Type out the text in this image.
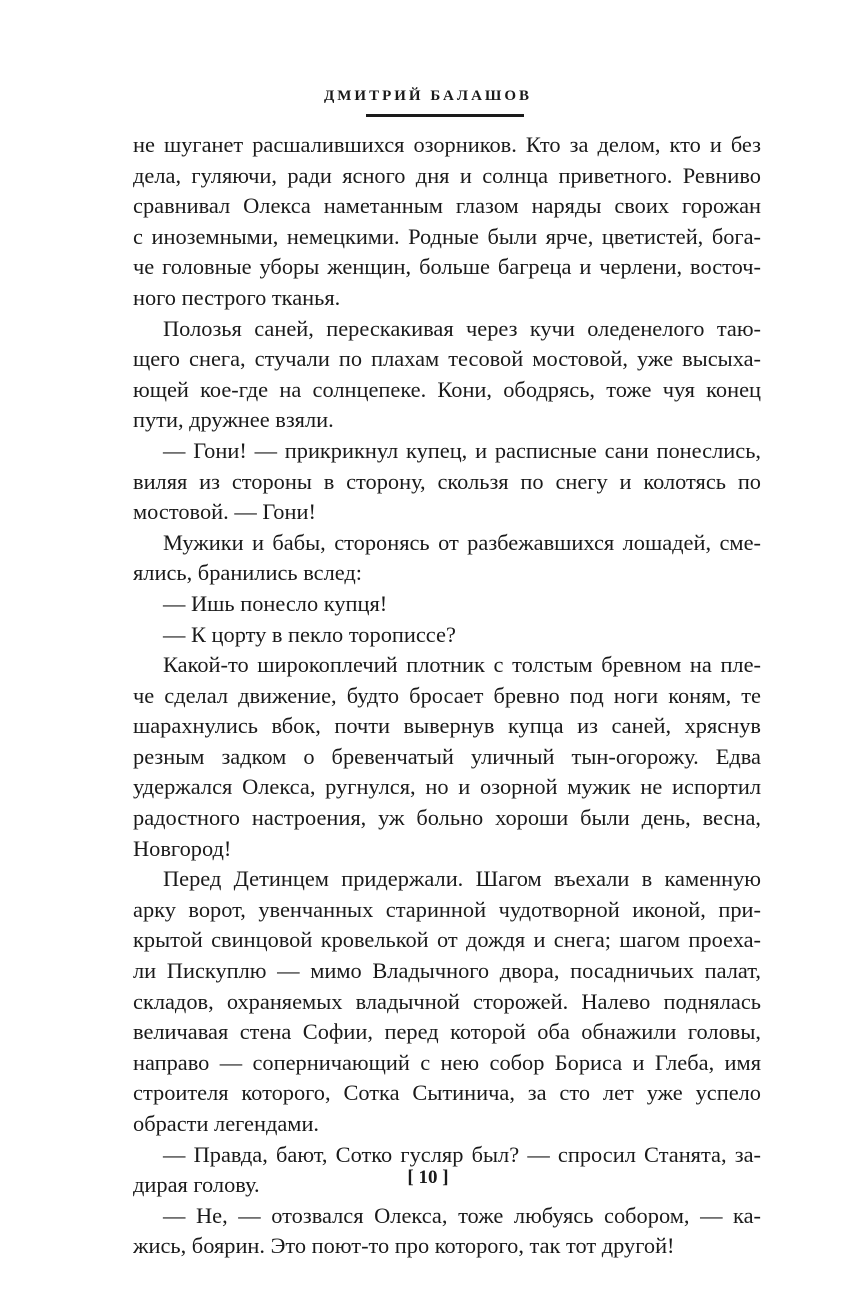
ДМИТРИЙ БАЛАШОВ
не шуганет расшалившихся озорников. Кто за делом, кто и без
дела, гуляючи, ради ясного дня и солнца приветного. Ревниво
сравнивал Олекса наметанным глазом наряды своих горожан
с иноземными, немецкими. Родные были ярче, цветистей, бога-
че головные уборы женщин, больше багреца и черлени, восточ-
ного пестрого тканья.
Полозья саней, перескакивая через кучи оледенелого таю-
щего снега, стучали по плахам тесовой мостовой, уже высыха-
ющей кое-где на солнцепеке. Кони, ободрясь, тоже чуя конец
пути, дружнее взяли.
— Гони! — прикрикнул купец, и расписные сани понеслись,
виляя из стороны в сторону, скользя по снегу и колотясь по
мостовой. — Гони!
Мужики и бабы, сторонясь от разбежавшихся лошадей, сме-
ялись, бранились вслед:
— Ишь понесло купця!
— К цорту в пекло торописсе?
Какой-то широкоплечий плотник с толстым бревном на пле-
че сделал движение, будто бросает бревно под ноги коням, те
шарахнулись вбок, почти вывернув купца из саней, хряснув
резным задком о бревенчатый уличный тын-огорожу. Едва
удержался Олекса, ругнулся, но и озорной мужик не испортил
радостного настроения, уж больно хороши были день, весна,
Новгород!
Перед Детинцем придержали. Шагом въехали в каменную
арку ворот, увенчанных старинной чудотворной иконой, при-
крытой свинцовой кровелькой от дождя и снега; шагом проеха-
ли Пискуплю — мимо Владычного двора, посадничьих палат,
складов, охраняемых владычной сторожей. Налево поднялась
величавая стена Софии, перед которой оба обнажили головы,
направо — соперничающий с нею собор Бориса и Глеба, имя
строителя которого, Сотка Сытинича, за сто лет уже успело
обрасти легендами.
— Правда, бают, Сотко гусляр был? — спросил Станята, за-
дирая голову.
— Не, — отозвался Олекса, тоже любуясь собором, — ка-
жись, боярин. Это поют-то про которого, так тот другой!
[ 10 ]
